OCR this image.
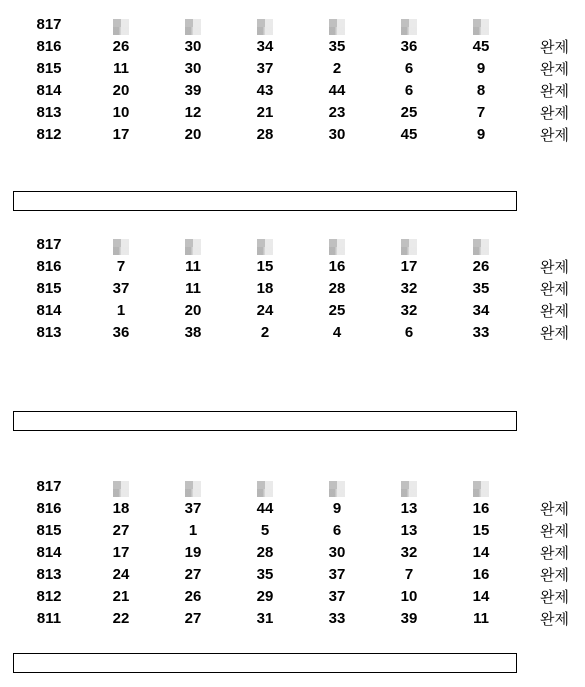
817
816	26	30	34	35	36	45	완제
815	11	30	37	2	6	9	완제
814	20	39	43	44	6	8	완제
813	10	12	21	23	25	7	완제
812	17	20	28	30	45	9	완제
817
816	7	11	15	16	17	26	완제
815	37	11	18	28	32	35	완제
814	1	20	24	25	32	34	완제
813	36	38	2	4	6	33	완제
817
816	18	37	44	9	13	16	완제
815	27	1	5	6	13	15	완제
814	17	19	28	30	32	14	완제
813	24	27	35	37	7	16	완제
812	21	26	29	37	10	14	완제
811	22	27	31	33	39	11	완제
